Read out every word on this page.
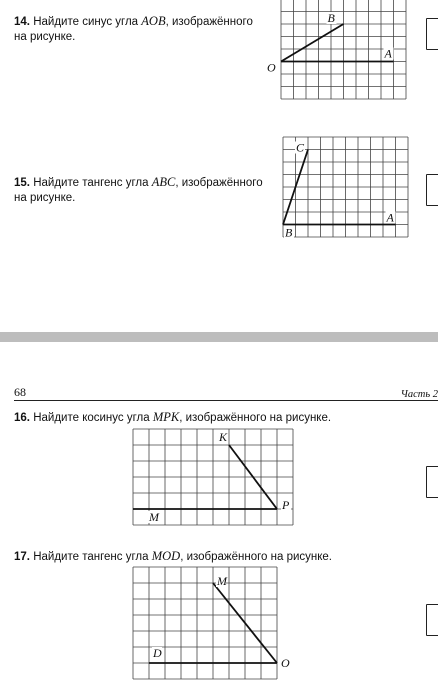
14. Найдите синус угла AOB, изображённого
на рисунке.
O
A
B
15. Найдите тангенс угла ABC, изображённого
на рисунке.
B
A
C
68	Часть 2
16. Найдите косинус угла MPK, изображённого на рисунке.
P
M
K
17. Найдите тангенс угла MOD, изображённого на рисунке.
O
D
M
